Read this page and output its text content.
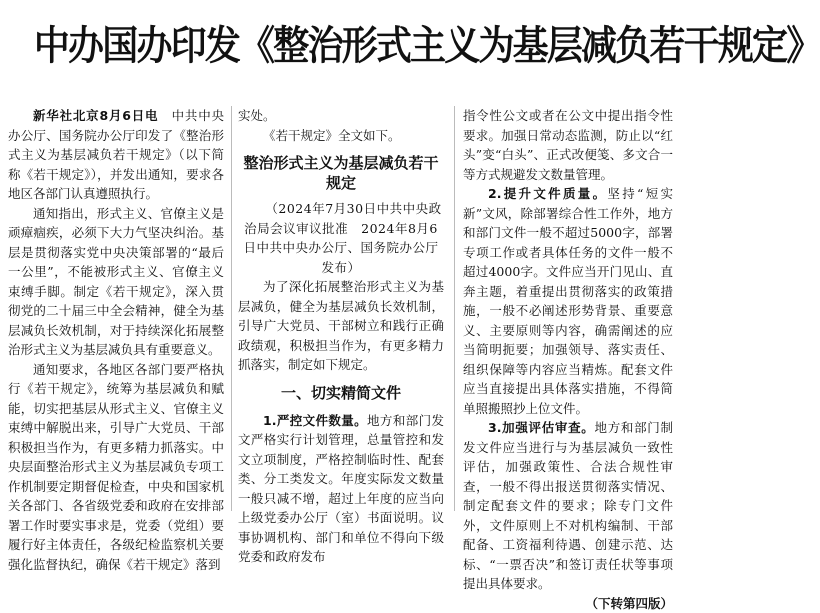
中办国办印发《整治形式主义为基层减负若干规定》

新华社北京8月6日电　 中共中央办公厅、国务院办公厅印发了《整治形式主义为基层减负若干规定》（以下简称《若干规定》），并发出通知，要求各地区各部门认真遵照执行。

通知指出，形式主义、官僚主义是顽瘴痼疾，必须下大力气坚决纠治。基层是贯彻落实党中央决策部署的“最后一公里”，不能被形式主义、官僚主义束缚手脚。制定《若干规定》，深入贯彻党的二十届三中全会精神，健全为基层减负长效机制，对于持续深化拓展整治形式主义为基层减负具有重要意义。

通知要求，各地区各部门要严格执行《若干规定》，统筹为基层减负和赋能，切实把基层从形式主义、官僚主义束缚中解脱出来，引导广大党员、干部积极担当作为，有更多精力抓落实。中央层面整治形式主义为基层减负专项工作机制要定期督促检查，中央和国家机关各部门、各省级党委和政府在安排部署工作时要实事求是，党委（党组）要履行好主体责任，各级纪检监察机关要强化监督执纪，确保《若干规定》落到

实处。

《若干规定》全文如下。

整治形式主义为基层减负若干规定

（2024年7月30日中共中央政治局会议审议批准　2024年8月6日中共中央办公厅、国务院办公厅发布）

为了深化拓展整治形式主义为基层减负，健全为基层减负长效机制，引导广大党员、干部树立和践行正确政绩观，积极担当作为，有更多精力抓落实，制定如下规定。

一、切实精简文件

1.严控文件数量。地方和部门发文严格实行计划管理，总量管控和发文立项制度，严格控制临时性、配套类、分工类发文。年度实际发文数量一般只减不增，超过上年度的应当向上级党委办公厅（室）书面说明。议事协调机构、部门和单位不得向下级党委和政府发布

指令性公文或者在公文中提出指令性要求。加强日常动态监测，防止以“红头”变“白头”、正式改便笺、多文合一等方式规避发文数量管理。

2.提升文件质量。坚持“短实新”文风，除部署综合性工作外，地方和部门文件一般不超过5000字，部署专项工作或者具体任务的文件一般不超过4000字。文件应当开门见山、直奔主题，着重提出贯彻落实的政策措施，一般不必阐述形势背景、重要意义、主要原则等内容，确需阐述的应当简明扼要；加强领导、落实责任、组织保障等内容应当精炼。配套文件应当直接提出具体落实措施，不得简单照搬照抄上位文件。

3.加强评估审查。地方和部门制发文件应当进行与为基层减负一致性评估，加强政策性、合法合规性审查，一般不得出报送贯彻落实情况、制定配套文件的要求；除专门文件外，文件原则上不对机构编制、干部配备、工资福利待遇、创建示范、达标、“一票否决”和签订责任状等事项提出具体要求。

（下转第四版）
